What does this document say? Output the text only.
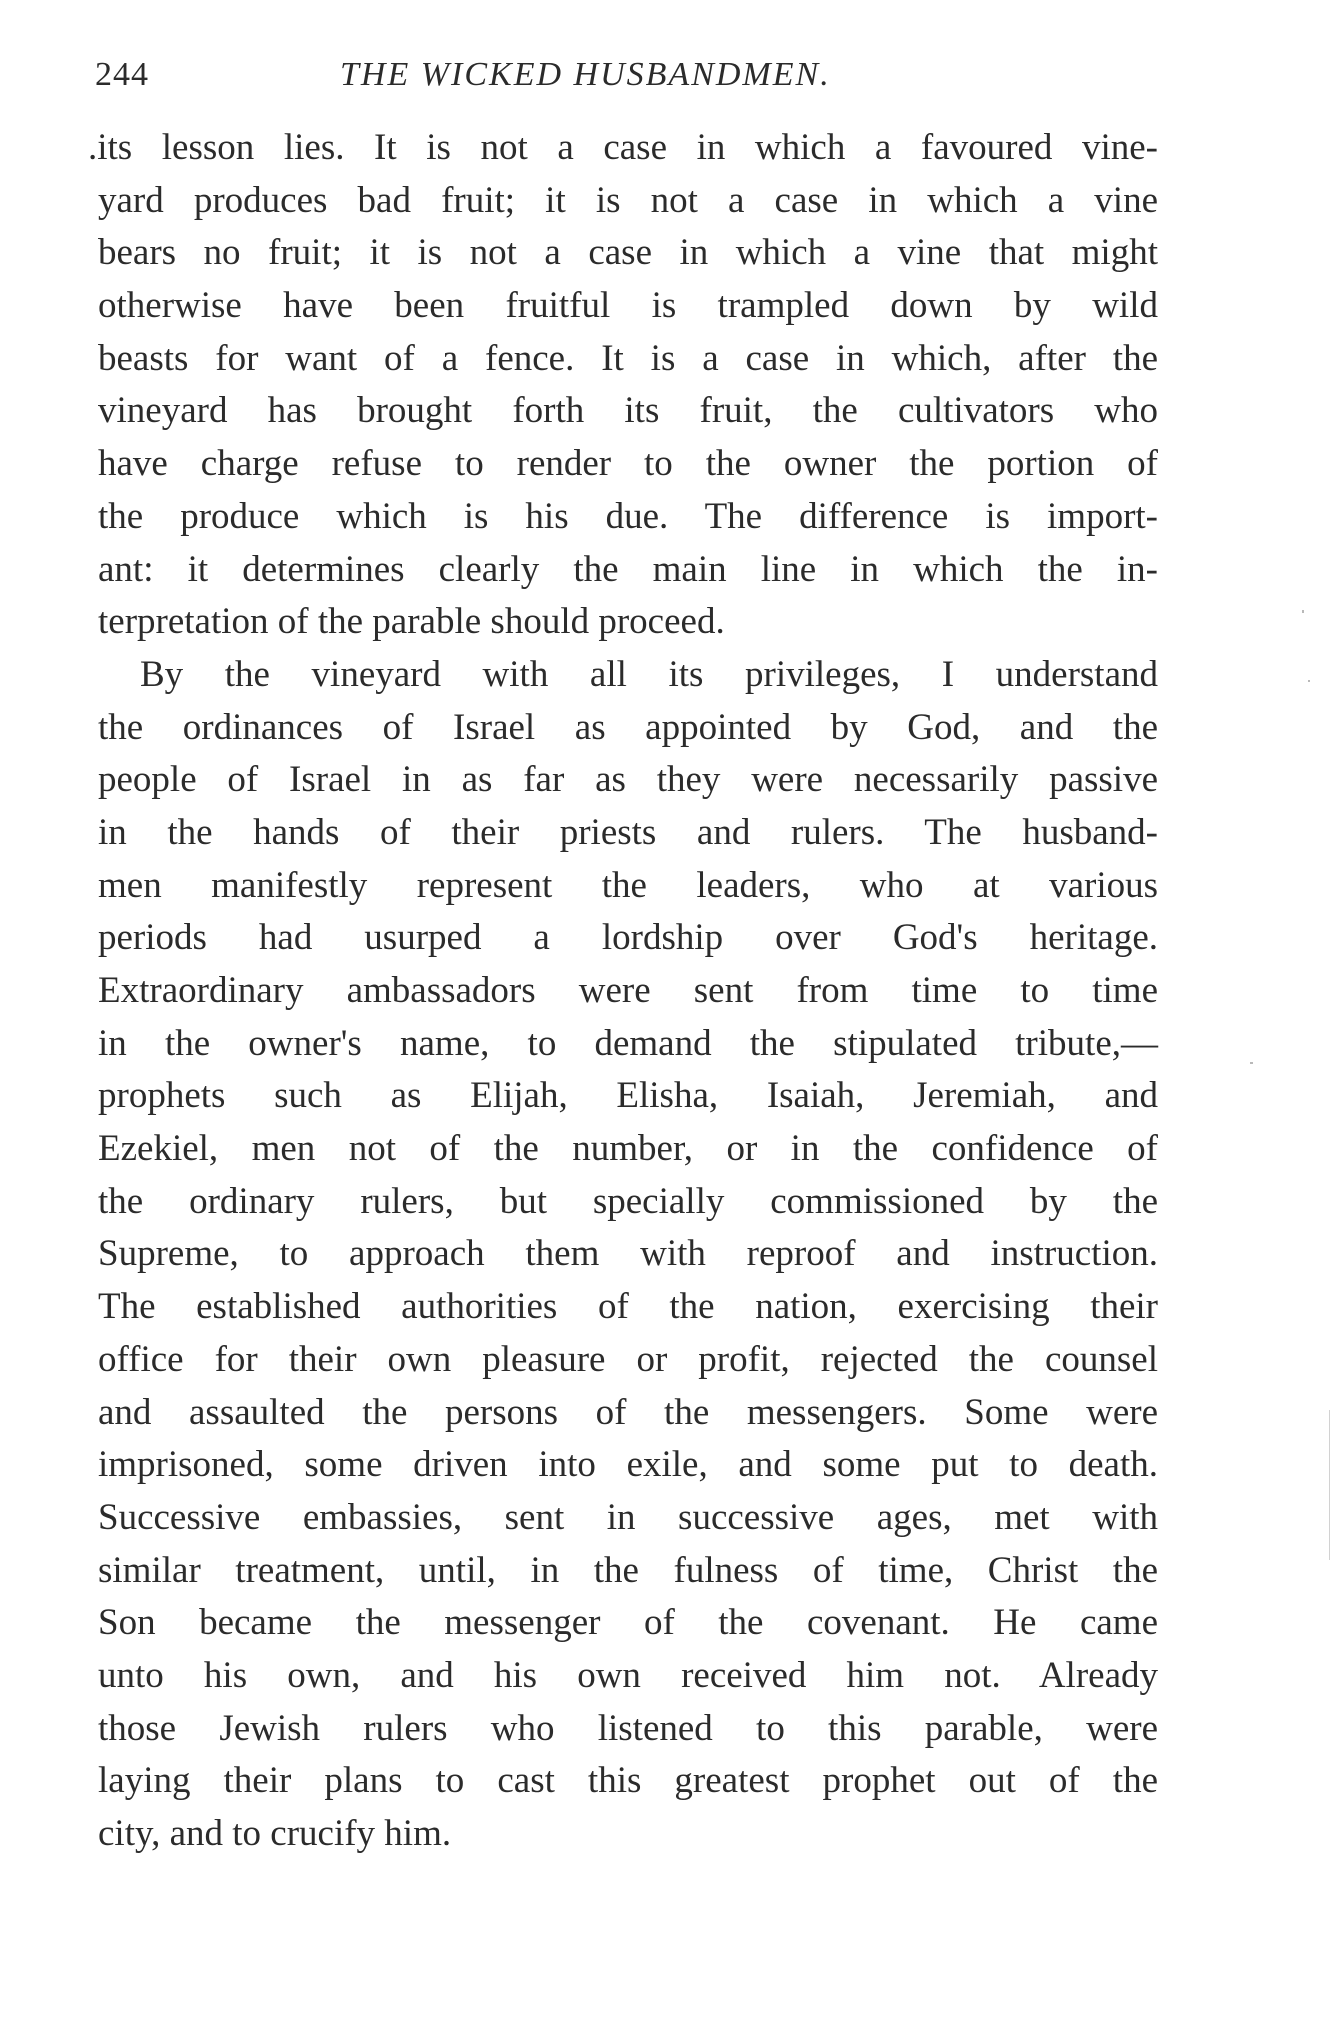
244	THE WICKED HUSBANDMEN.
.its lesson lies. It is not a case in which a favoured vine-
yard produces bad fruit; it is not a case in which a vine
bears no fruit; it is not a case in which a vine that might
otherwise have been fruitful is trampled down by wild
beasts for want of a fence. It is a case in which, after the
vineyard has brought forth its fruit, the cultivators who
have charge refuse to render to the owner the portion of
the produce which is his due. The difference is import-
ant: it determines clearly the main line in which the in-
terpretation of the parable should proceed.
By the vineyard with all its privileges, I understand
the ordinances of Israel as appointed by God, and the
people of Israel in as far as they were necessarily passive
in the hands of their priests and rulers. The husband-
men manifestly represent the leaders, who at various
periods had usurped a lordship over God's heritage.
Extraordinary ambassadors were sent from time to time
in the owner's name, to demand the stipulated tribute,—
prophets such as Elijah, Elisha, Isaiah, Jeremiah, and
Ezekiel, men not of the number, or in the confidence of
the ordinary rulers, but specially commissioned by the
Supreme, to approach them with reproof and instruction.
The established authorities of the nation, exercising their
office for their own pleasure or profit, rejected the counsel
and assaulted the persons of the messengers. Some were
imprisoned, some driven into exile, and some put to death.
Successive embassies, sent in successive ages, met with
similar treatment, until, in the fulness of time, Christ the
Son became the messenger of the covenant. He came
unto his own, and his own received him not. Already
those Jewish rulers who listened to this parable, were
laying their plans to cast this greatest prophet out of the
city, and to crucify him.
